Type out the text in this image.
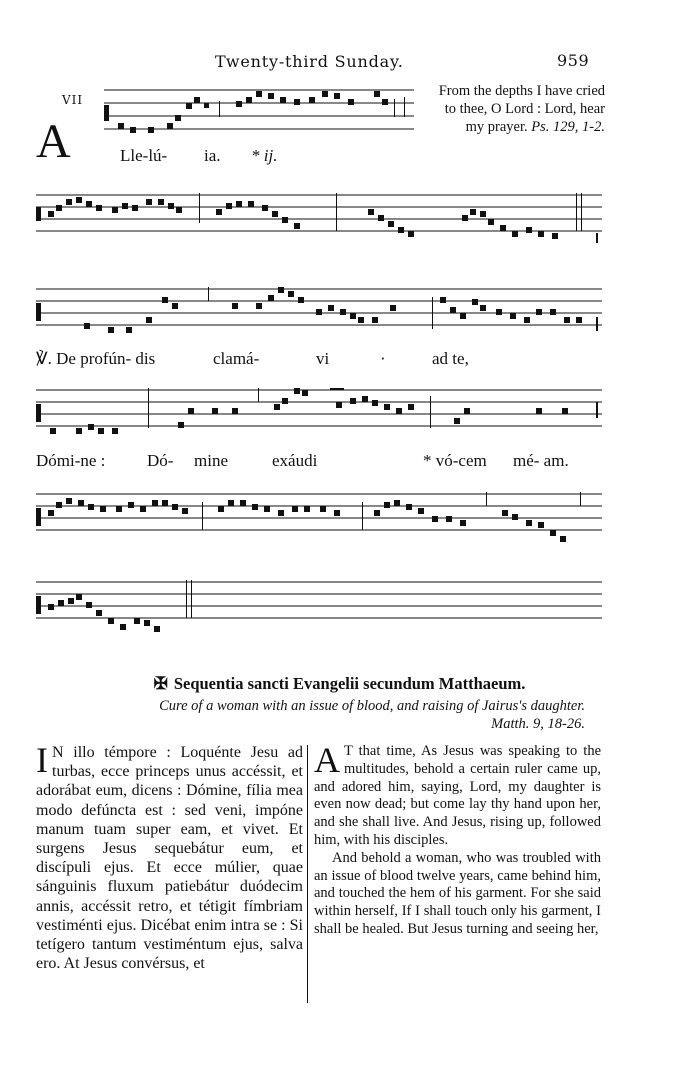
Twenty-third Sunday.	959
VII
A
From the depths I have cried to thee, O Lord : Lord, hear my prayer. Ps. 129, 1-2.
Lle-lú- ia. * ij.
℣. De profún- dis	clamá-	vi	·	ad te,
Dómi-ne : Dó- mine	exáudi	* vó-cem mé- am.
✠ Sequentia sancti Evangelii secundum Matthaeum.
Cure of a woman with an issue of blood, and raising of Jairus's daughter.
Matth. 9, 18-26.

I N illo témpore : Loquénte Jesu ad turbas, ecce princeps unus accéssit, et adorábat eum, dicens : Dómine, fília mea modo defúncta est : sed veni, impóne manum tuam super eam, et vivet. Et surgens Jesus sequebátur eum, et discípuli ejus. Et ecce múlier, quae sánguinis fluxum patiebátur duódecim annis, accéssit retro, et tétigit fímbriam vestiménti ejus. Dicébat enim intra se : Si tetígero tantum vestiméntum ejus, salva ero. At Jesus convérsus, et

A T that time, As Jesus was speaking to the multitudes, behold a certain ruler came up, and adored him, saying, Lord, my daughter is even now dead; but come lay thy hand upon her, and she shall live. And Jesus, rising up, followed him, with his disciples.

And behold a woman, who was troubled with an issue of blood twelve years, came behind him, and touched the hem of his garment. For she said within herself, If I shall touch only his garment, I shall be healed. But Jesus turning and seeing her,
